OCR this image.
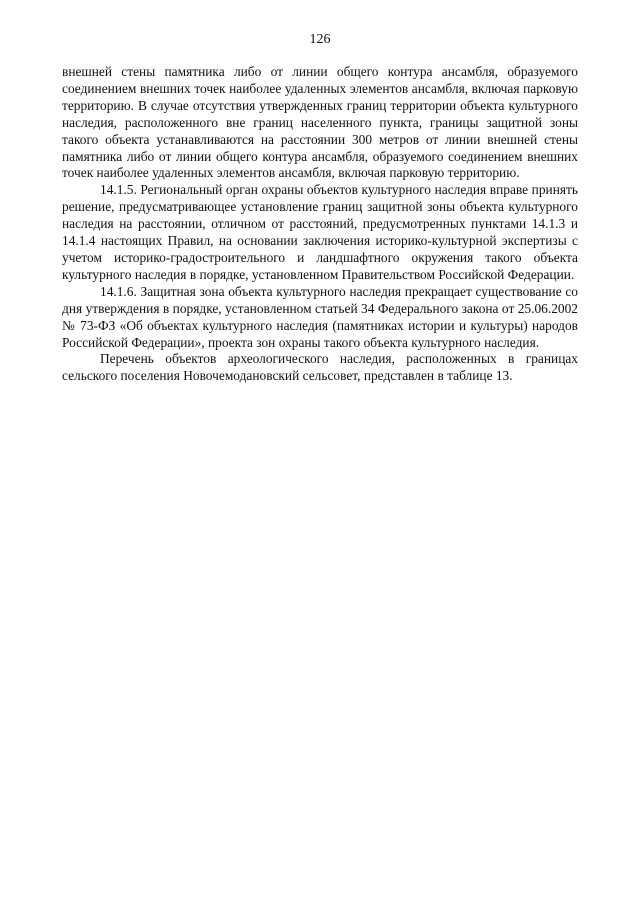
126

внешней стены памятника либо от линии общего контура ансамбля, образуемого соединением внешних точек наиболее удаленных элементов ансамбля, включая парковую территорию. В случае отсутствия утвержденных границ территории объекта культурного наследия, расположенного вне границ населенного пункта, границы защитной зоны такого объекта устанавливаются на расстоянии 300 метров от линии внешней стены памятника либо от линии общего контура ансамбля, образуемого соединением внешних точек наиболее удаленных элементов ансамбля, включая парковую территорию.

14.1.5. Региональный орган охраны объектов культурного наследия вправе принять решение, предусматривающее установление границ защитной зоны объекта культурного наследия на расстоянии, отличном от расстояний, предусмотренных пунктами 14.1.3 и 14.1.4 настоящих Правил, на основании заключения историко-культурной экспертизы с учетом историко-градостроительного и ландшафтного окружения такого объекта культурного наследия в порядке, установленном Правительством Российской Федерации.

14.1.6. Защитная зона объекта культурного наследия прекращает существование со дня утверждения в порядке, установленном статьей 34 Федерального закона от 25.06.2002 № 73-ФЗ «Об объектах культурного наследия (памятниках истории и культуры) народов Российской Федерации», проекта зон охраны такого объекта культурного наследия.

Перечень объектов археологического наследия, расположенных в границах сельского поселения Новочемодановский сельсовет, представлен в таблице 13.
